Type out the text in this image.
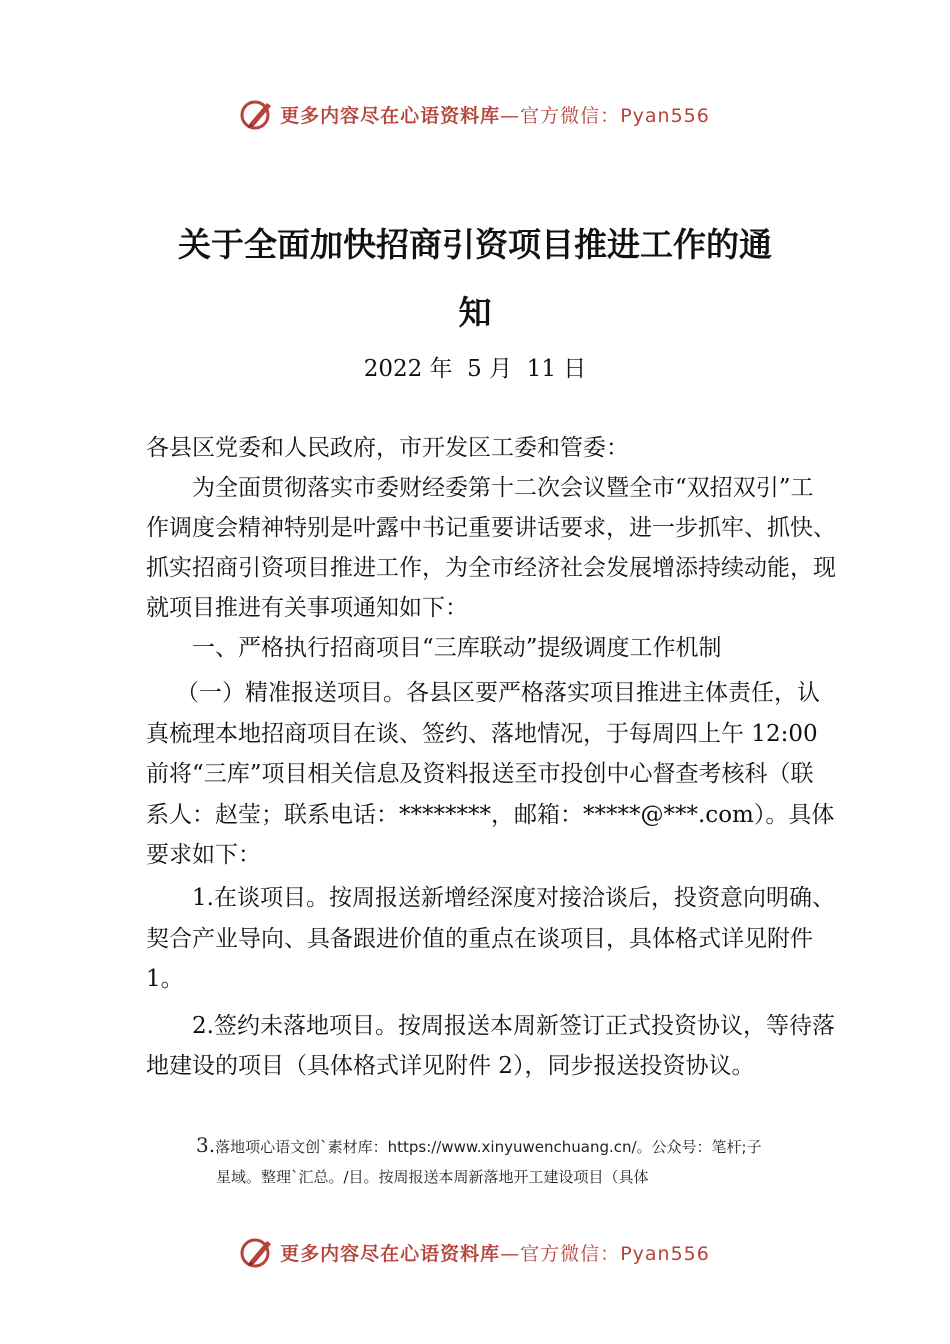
更多内容尽在心语资料库—官方微信：Pyan556
关于全面加快招商引资项目推进工作的通
知
2022 年  5 月  11 日

各县区党委和人民政府，市开发区工委和管委：

为全面贯彻落实市委财经委第十二次会议暨全市“双招双引”工作调度会精神特别是叶露中书记重要讲话要求，进一步抓牢、抓快、抓实招商引资项目推进工作，为全市经济社会发展增添持续动能，现就项目推进有关事项通知如下：

一、严格执行招商项目“三库联动”提级调度工作机制

（一）精准报送项目。各县区要严格落实项目推进主体责任，认真梳理本地招商项目在谈、签约、落地情况，于每周四上午 12:00 前将“三库”项目相关信息及资料报送至市投创中心督查考核科（联系人：赵莹；联系电话：********，邮箱：*****@***.com）。具体要求如下：

1.在谈项目。按周报送新增经深度对接洽谈后，投资意向明确、契合产业导向、具备跟进价值的重点在谈项目，具体格式详见附件 1。

2.签约未落地项目。按周报送本周新签订正式投资协议，等待落地建设的项目（具体格式详见附件 2），同步报送投资协议。

3.落地项心语文创`素材库：https://www.xinyuwenchuang.cn/。公众号：笔杆;子
星域。整理`汇总。/目。按周报送本周新落地开工建设项目（具体
更多内容尽在心语资料库—官方微信：Pyan556
